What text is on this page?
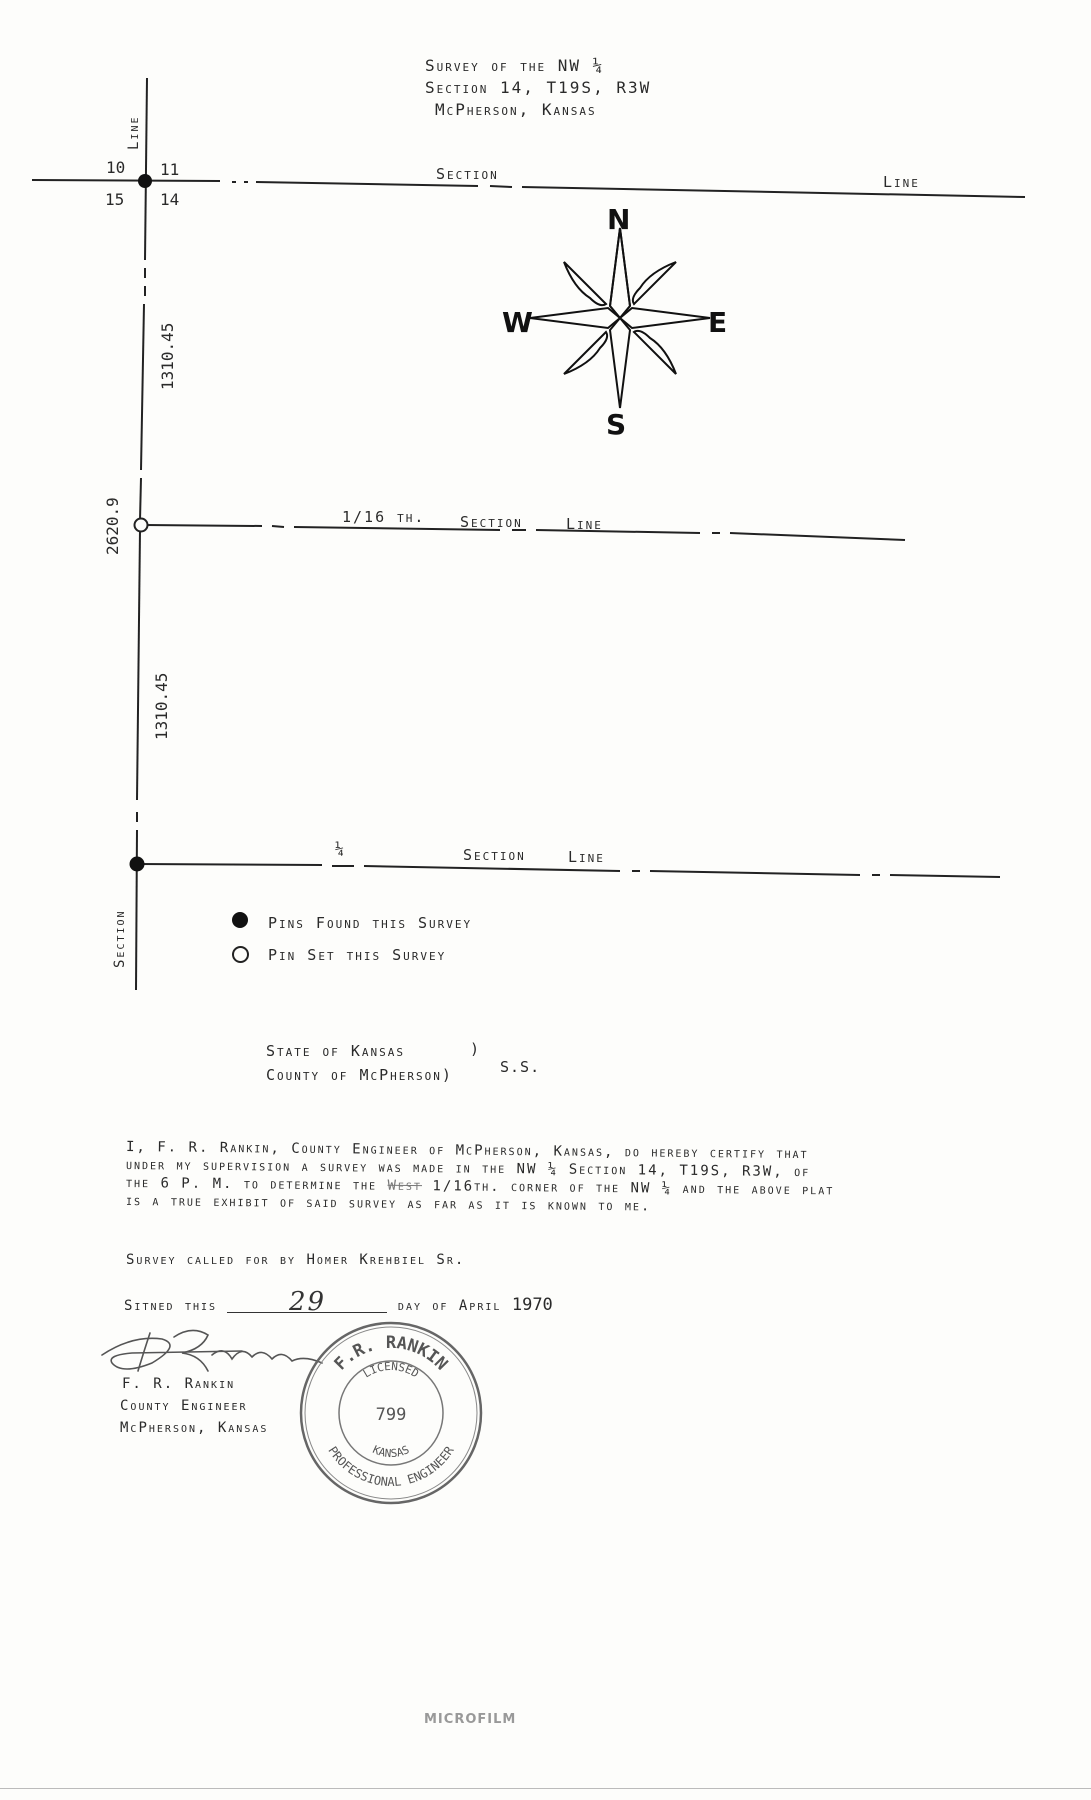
Survey of the NW ¼
Section 14, T19S, R3W
McPherson, Kansas
N
S
E
W
10 11
15 14
Section	Line
Line
Section
1310.45
1310.45
2620.9	1/16 th. Section	Line
¼	Section	Line
Pins Found this Survey
Pin Set this Survey
State of Kansas	)
County of McPherson)	S.S.

I, F. R. Rankin, County Engineer of McPherson, Kansas, do hereby certify that

under my supervision a survey was made in the NW ¼ Section 14, T19S, R3W, of

the 6 P. M. to determine the West 1/16th. corner of the NW ¼ and the above plat

is a true exhibit of said survey as far as it is known to me.

Survey called for by Homer Krehbiel Sr.
Sitned this	29	day of April 1970
F. R. Rankin
County Engineer
McPherson, Kansas
F.R. RANKIN
PROFESSIONAL ENGINEER
LICENSED
KANSAS
799
MICROFILM
